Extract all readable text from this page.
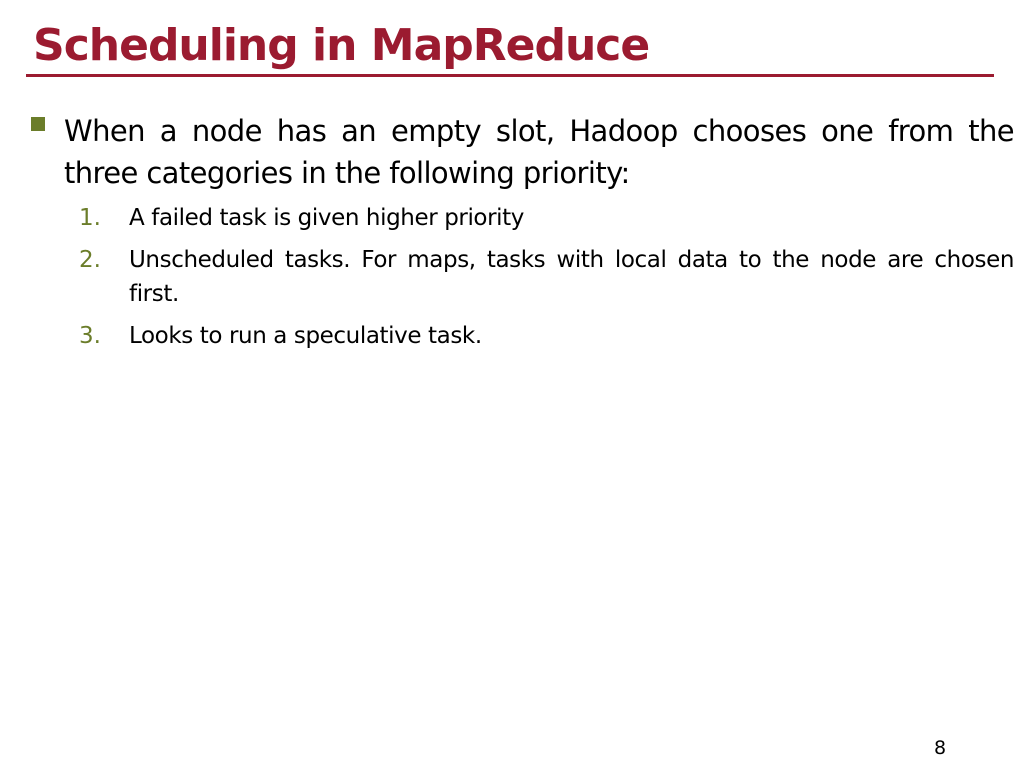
Scheduling in MapReduce
When a node has an empty slot, Hadoop chooses one from the three categories in the following priority:
1.	A failed task is given higher priority
2.	Unscheduled tasks. For maps, tasks with local data to the node are chosen first.
3.	Looks to run a speculative task.
8
